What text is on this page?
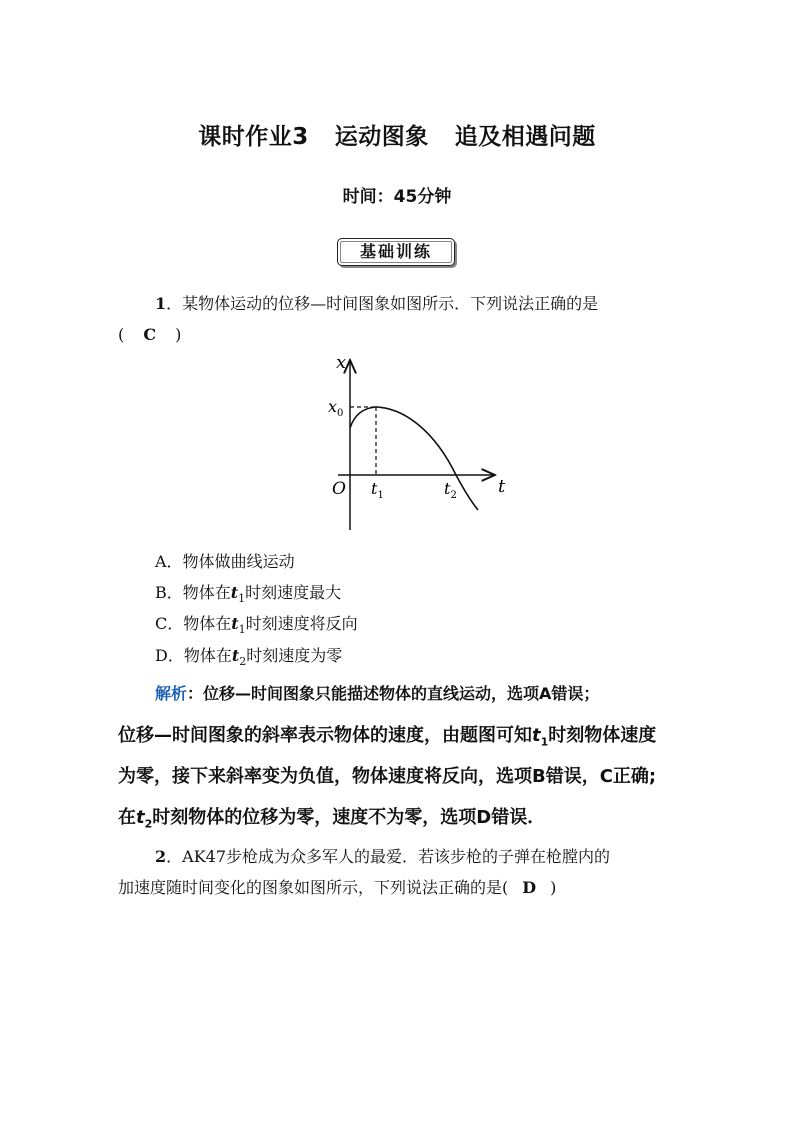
课时作业3 运动图象 追及相遇问题
时间：45分钟
基础训练
1．某物体运动的位移—时间图象如图所示．下列说法正确的是
( C )
x
t
$x_0$
O $t_1$	$t_2$
A．物体做曲线运动
B．物体在$t_1$时刻速度最大
C．物体在$t_1$时刻速度将反向
D．物体在$t_2$时刻速度为零
解析：位移—时间图象只能描述物体的直线运动，选项A错误；
位移—时间图象的斜率表示物体的速度，由题图可知$t_1$时刻物体速度
为零，接下来斜率变为负值，物体速度将反向，选项B错误，C正确;
在$t_2$时刻物体的位移为零，速度不为零，选项D错误．
2．AK47步枪成为众多军人的最爱．若该步枪的子弹在枪膛内的
加速度随时间变化的图象如图所示，下列说法正确的是( D )
